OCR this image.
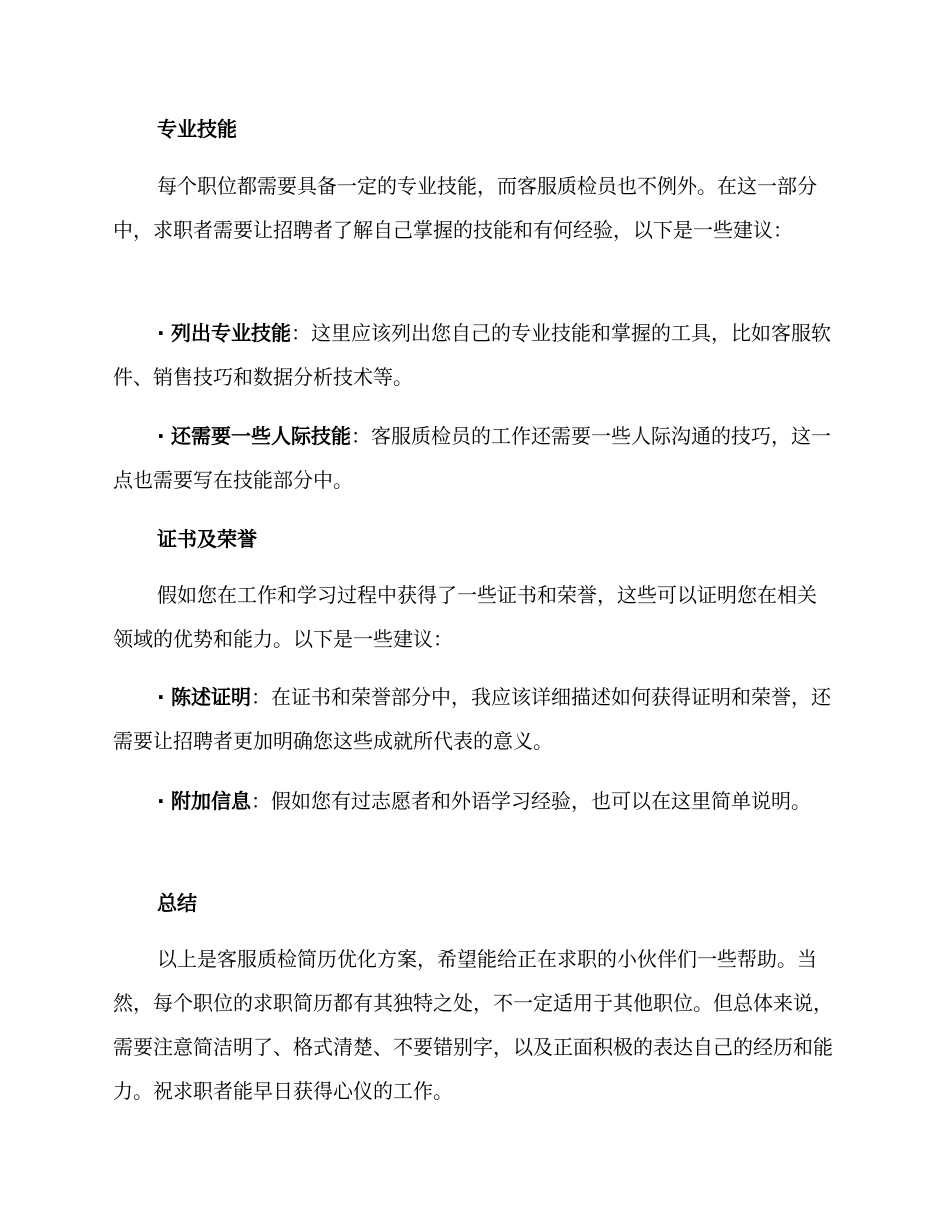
专业技能

每个职位都需要具备一定的专业技能，而客服质检员也不例外。在这一部分中，求职者需要让招聘者了解自己掌握的技能和有何经验，以下是一些建议：

· 列出专业技能：这里应该列出您自己的专业技能和掌握的工具，比如客服软件、销售技巧和数据分析技术等。

· 还需要一些人际技能：客服质检员的工作还需要一些人际沟通的技巧，这一点也需要写在技能部分中。

证书及荣誉

假如您在工作和学习过程中获得了一些证书和荣誉，这些可以证明您在相关领域的优势和能力。以下是一些建议：

· 陈述证明：在证书和荣誉部分中，我应该详细描述如何获得证明和荣誉，还需要让招聘者更加明确您这些成就所代表的意义。

· 附加信息：假如您有过志愿者和外语学习经验，也可以在这里简单说明。

总结

以上是客服质检简历优化方案，希望能给正在求职的小伙伴们一些帮助。当然，每个职位的求职简历都有其独特之处，不一定适用于其他职位。但总体来说，需要注意简洁明了、格式清楚、不要错别字，以及正面积极的表达自己的经历和能力。祝求职者能早日获得心仪的工作。
